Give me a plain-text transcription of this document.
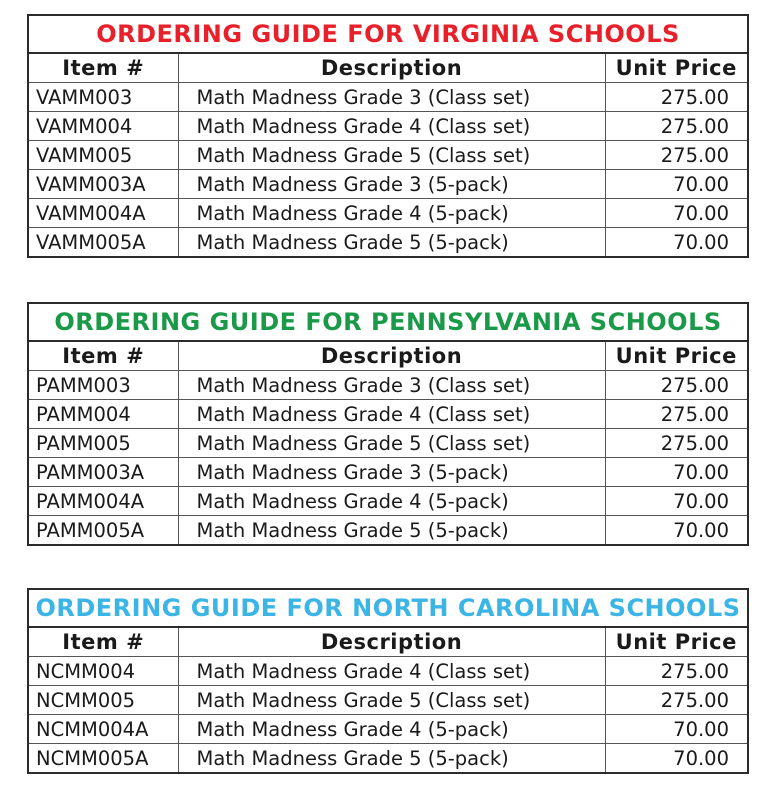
ORDERING GUIDE FOR VIRGINIA SCHOOLS
Item #	Description	Unit Price
VAMM003	Math Madness Grade 3 (Class set)	275.00
VAMM004	Math Madness Grade 4 (Class set)	275.00
VAMM005	Math Madness Grade 5 (Class set)	275.00
VAMM003A	Math Madness Grade 3 (5-pack)	70.00
VAMM004A	Math Madness Grade 4 (5-pack)	70.00
VAMM005A	Math Madness Grade 5 (5-pack)	70.00
ORDERING GUIDE FOR PENNSYLVANIA SCHOOLS
Item #	Description	Unit Price
PAMM003	Math Madness Grade 3 (Class set)	275.00
PAMM004	Math Madness Grade 4 (Class set)	275.00
PAMM005	Math Madness Grade 5 (Class set)	275.00
PAMM003A	Math Madness Grade 3 (5-pack)	70.00
PAMM004A	Math Madness Grade 4 (5-pack)	70.00
PAMM005A	Math Madness Grade 5 (5-pack)	70.00
ORDERING GUIDE FOR NORTH CAROLINA SCHOOLS
Item #	Description	Unit Price
NCMM004	Math Madness Grade 4 (Class set)	275.00
NCMM005	Math Madness Grade 5 (Class set)	275.00
NCMM004A	Math Madness Grade 4 (5-pack)	70.00
NCMM005A	Math Madness Grade 5 (5-pack)	70.00
